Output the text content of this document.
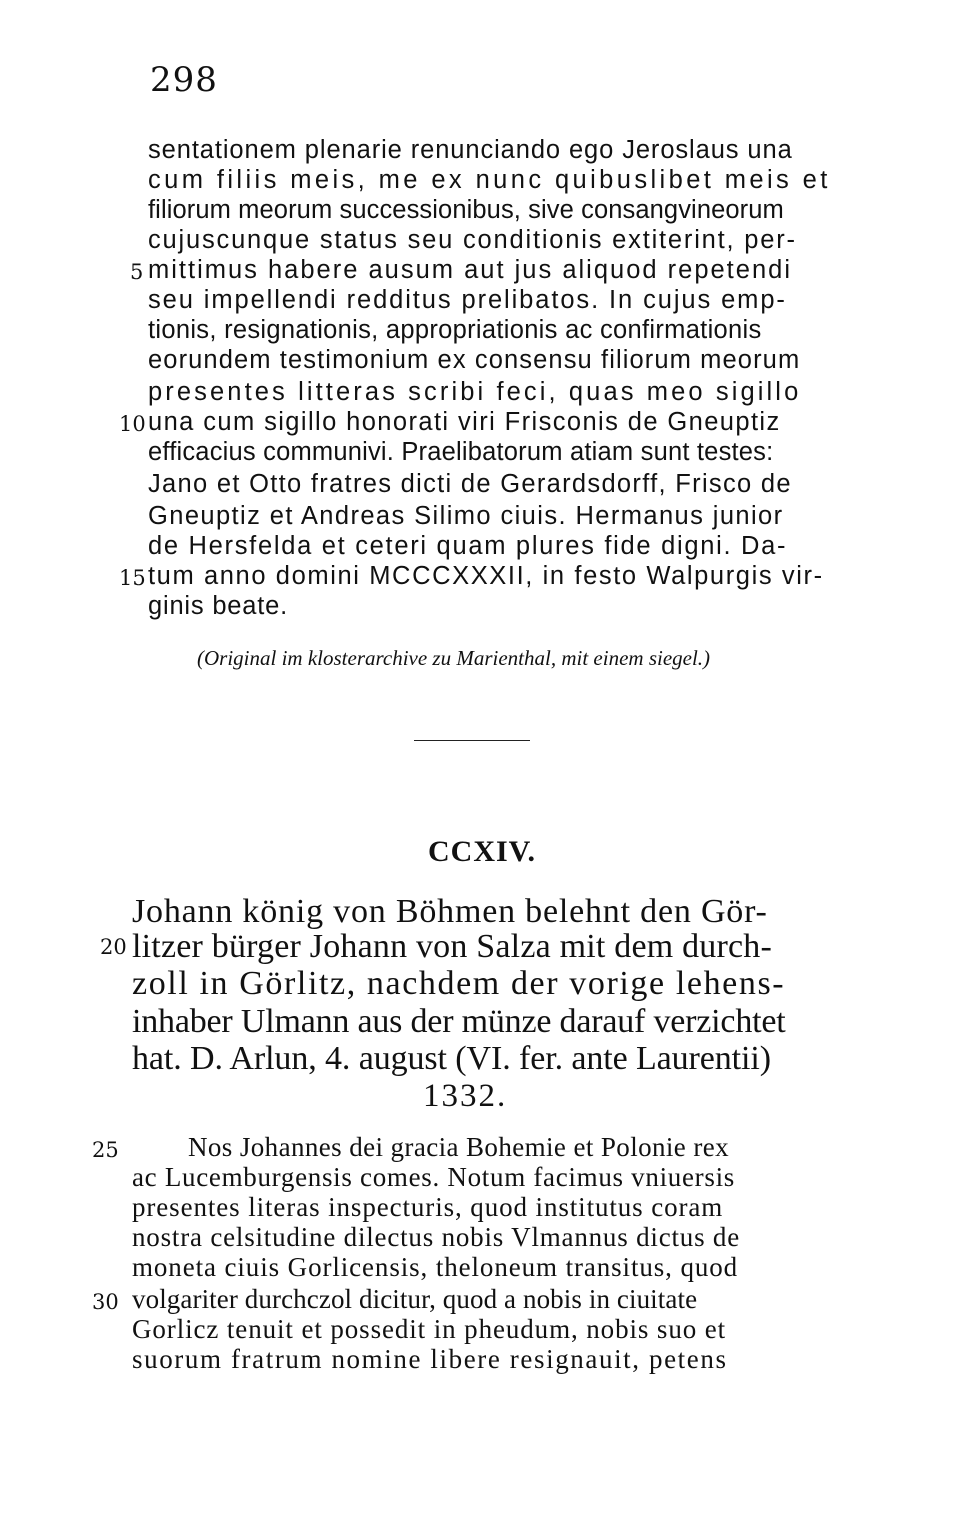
298
sentationem plenarie renunciando ego Jeroslaus una
cum filiis meis, me ex nunc quibuslibet meis et
filiorum meorum successionibus, sive consangvineorum
cujuscunque status seu conditionis extiterint, per-
mittimus habere ausum aut jus aliquod repetendi
seu impellendi redditus prelibatos. In cujus emp-
tionis, resignationis, appropriationis ac confirmationis
eorundem testimonium ex consensu filiorum meorum
presentes litteras scribi feci, quas meo sigillo
una cum sigillo honorati viri Frisconis de Gneuptiz
efficacius communivi. Praelibatorum atiam sunt testes:
Jano et Otto fratres dicti de Gerardsdorff, Frisco de
Gneuptiz et Andreas Silimo ciuis. Hermanus junior
de Hersfelda et ceteri quam plures fide digni. Da-
tum anno domini MCCCXXXII, in festo Walpurgis vir-
ginis beate.
5
10
15
(Original im klosterarchive zu Marienthal, mit einem siegel.)
CCXIV.
Johann könig von Böhmen belehnt den Gör-
litzer bürger Johann von Salza mit dem durch-
zoll in Görlitz, nachdem der vorige lehens-
inhaber Ulmann aus der münze darauf verzichtet
hat. D. Arlun, 4. august (VI. fer. ante Laurentii)
20
1332.
Nos Johannes dei gracia Bohemie et Polonie rex
ac Lucemburgensis comes. Notum facimus vniuersis
presentes literas inspecturis, quod institutus coram
nostra celsitudine dilectus nobis Vlmannus dictus de
moneta ciuis Gorlicensis, theloneum transitus, quod
volgariter durchczol dicitur, quod a nobis in ciuitate
Gorlicz tenuit et possedit in pheudum, nobis suo et
suorum fratrum nomine libere resignauit, petens
25
30
